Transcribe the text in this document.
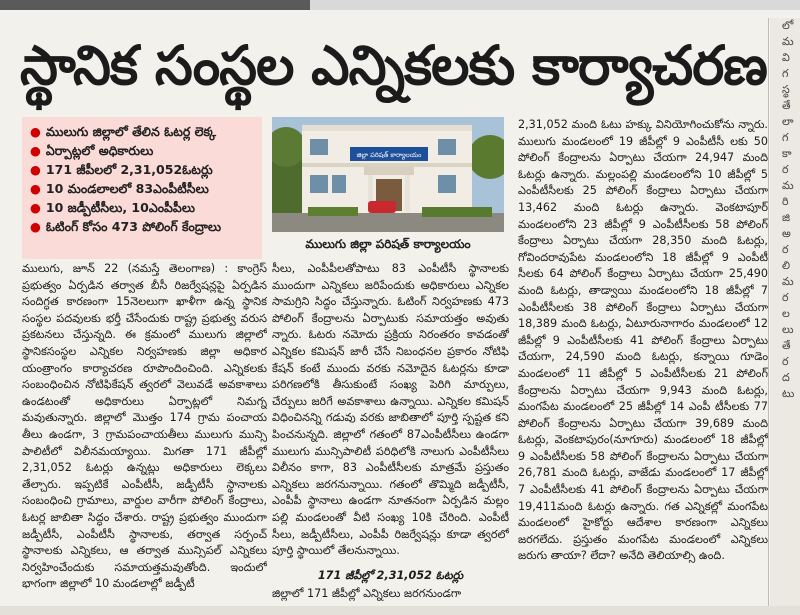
స్థానిక సంస్థల ఎన్నికలకు కార్యాచరణ
● ములుగు జిల్లాలో తేలిన ఓటర్ల లెక్క
● ఏర్పాట్లలో అధికారులు
● 171 జీపీలలో 2,31,052ఓటర్లు
● 10 మండలాలలో 83ఎంపీటీసీలు
● 10 జడ్పీటీసీలు, 10ఎంపీపీలు
● ఓటింగ్ కోసం 473 పోలింగ్ కేంద్రాలు
జిల్లా పరిషత్ కార్యాలయం
ములుగు జిల్లా పరిషత్ కార్యాలయం

ములుగు, జూన్ 22 (నమస్తే తెలంగాణ) : కాంగ్రెస్ ప్రభుత్వం ఏర్పడిన తర్వాత బీసీ రిజర్వేషన్లపై ఏర్పడిన సందిగ్ధత కారణంగా 15నెలలుగా ఖాళీగా ఉన్న స్థానిక సంస్థల పదవులకు భర్తీ చేసేందుకు రాష్ట్ర ప్రభుత్వ వరుస ప్రకటనలు చేస్తున్నది. ఈ క్రమంలో ములుగు జిల్లాలో స్థానికసంస్థల ఎన్నికల నిర్వహణకు జిల్లా అధికార యంత్రాంగం కార్యాచరణ రూపొందించింది. ఎన్నికలకు సంబంధించిన నోటిఫికేషన్ త్వరలో వెలువడే అవకాశాలు ఉండటంతో అధికారులు ఏర్పాట్లలో నిమగ్న మవుతున్నారు. జిల్లాలో మొత్తం 174 గ్రామ పంచాయ తీలు ఉండగా, 3 గ్రామపంచాయతీలు ములుగు మున్సి పాలిటీలో విలీనమయ్యాయి. మిగతా 171 జీపీల్లో 2,31,052 ఓటర్లు ఉన్నట్లు అధికారులు లెక్కలు తేల్చారు. ఇప్పటికే ఎంపీటీసీ, జడ్పీటీసీ స్థానాలకు సంబంధించి గ్రామాలు, వార్డుల వారీగా పోలింగ్ కేంద్రాలు, ఓటర్ల జాబితా సిద్ధం చేశారు. రాష్ట్ర ప్రభుత్వం ముందుగా జడ్పీటీసీ, ఎంపీటీసీ స్థానాలకు, తర్వాత సర్పంచ్ స్థానాలకు ఎన్నికలు, ఆ తర్వాత మున్సిపల్ ఎన్నికలు నిర్వహించేందుకు సమాయత్తమవుతోంది. ఇందులో భాగంగా జిల్లాలో 10 మండలాల్లో జడ్పీటీ

సీలు, ఎంపీపీలతోపాటు 83 ఎంపీటీసీ స్థానాలకు ముందుగా ఎన్నికలు జరిపేందుకు అధికారులు ఎన్నికల సామగ్రిని సిద్ధం చేస్తున్నారు. ఓటింగ్ నిర్వహణకు 473 పోలింగ్ కేంద్రాలను ఏర్పాటుకు సమాయత్తం అవుతు న్నారు. ఓటరు నమోదు ప్రక్రియ నిరంతరం కావడంతో ఎన్నికల కమిషన్ జారీ చేసే నిబంధనల ప్రకారం నోటిఫి కేషన్ కంటే ముందు వరకు నమోదైన ఓటర్లను కూడా పరిగణలోకి తీసుకుంటే సంఖ్య పెరిగి మార్పులు, చేర్పులు జరిగే అవకాశాలు ఉన్నాయి. ఎన్నికల కమిషన్ విధించినన్ని గడువు వరకు జాబితాలో పూర్తి స్పష్టత కని పించనున్నది. జిల్లాలో గతంలో 87ఎంపీటీసీలు ఉండగా ములుగు మున్సిపాలిటీ పరిధిలోకి నాలుగు ఎంపీటీసీలు విలీనం కాగా, 83 ఎంపీటీసీలకు మాత్రమే ప్రస్తుతం ఎన్నికలు జరగనున్నాయి. గతంలో తొమ్మిది జడ్పీటీసీ, ఎంపీపీ స్థానాలు ఉండగా నూతనంగా ఏర్పడిన మల్లం పల్లి మండలంతో వీటి సంఖ్య 10కి చేరింది. ఎంపీటీ సీలు, జడ్పీటీసీలు, ఎంపీపీ రిజర్వేషన్లు కూడా త్వరలో పూర్తి స్థాయిలో తేలనున్నాయి.

171 జీపీల్లో 2,31,052 ఓటర్లు

జిల్లాలో 171 జీపీల్లో ఎన్నికలు జరగనుండగా

2,31,052 మంది ఓటు హక్కు వినియోగించుకోను న్నారు. ములుగు మండలంలో 19 జీపీల్లో 9 ఎంపీటీసీ లకు 50 పోలింగ్ కేంద్రాలను ఏర్పాటు చేయగా 24,947 మంది ఓటర్లు ఉన్నారు. మల్లంపల్లి మండలంలోని 10 జీపీల్లో 5 ఎంపీటీసీలకు 25 పోలింగ్ కేంద్రాలు ఏర్పాటు చేయగా 13,462 మంది ఓటర్లు ఉన్నారు. వెంకటాపూర్ మండలంలోని 23 జీపీల్లో 9 ఎంపీటీసీలకు 58 పోలింగ్ కేంద్రాలు ఏర్పాటు చేయగా 28,350 మంది ఓటర్లు, గోవిందరావుపేట మండలంలోని 18 జీపీల్లో 9 ఎంపీటీ సీలకు 64 పోలింగ్ కేంద్రాలు ఏర్పాటు చేయగా 25,490 మంది ఓటర్లు, తాడ్వాయి మండలంలోని 18 జీపీల్లో 7 ఎంపీటీసీలకు 38 పోలింగ్ కేంద్రాలు ఏర్పాటు చేయగా 18,389 మంది ఓటర్లు, ఏటూరునాగారం మండలంలో 12 జీపీల్లో 9 ఎంపీటీసీలకు 41 పోలింగ్ కేంద్రాలు ఏర్పాటు చేయగా, 24,590 మంది ఓటర్లు, కన్నాయి గూడెం మండలంలో 11 జీపీల్లో 5 ఎంపీటీసీలకు 21 పోలింగ్ కేంద్రాలను ఏర్పాటు చేయగా 9,943 మంది ఓటర్లు, మంగపేట మండలంలో 25 జీపీల్లో 14 ఎంపీ టీసీలకు 77 పోలింగ్ కేంద్రాలను ఏర్పాటు చేయగా 39,689 మంది ఓటర్లు, వెంకటాపురం(నూగూరు) మండలంలో 18 జీపీల్లో 9 ఎంపీటీసీలకు 58 పోలింగ్ కేంద్రాలను ఏర్పాటు చేయగా 26,781 మంది ఓటర్లు, వాజేడు మండలంలో 17 జీపీల్లో 7 ఎంపీటీసీలకు 41 పోలింగ్ కేంద్రాలను ఏర్పాటు చేయగా 19,411మంది ఓటర్లు ఉన్నారు. గత ఎన్నికల్లో మంగపేట మండలంలో హైకోర్టు ఆదేశాల కారణంగా ఎన్నికలు జరగలేదు. ప్రస్తుతం మంగపేట మండలంలో ఎన్నికలు జరుగు తాయా? లేదా? అనేది తెలియాల్సి ఉంది.

లో
మ
వి
గ
స్థ
తే
లా
గ
కా
ర
మ
రి
జి
అ
ర
లి
మ
ర
ల
లు
తే
ర
ద
టు
